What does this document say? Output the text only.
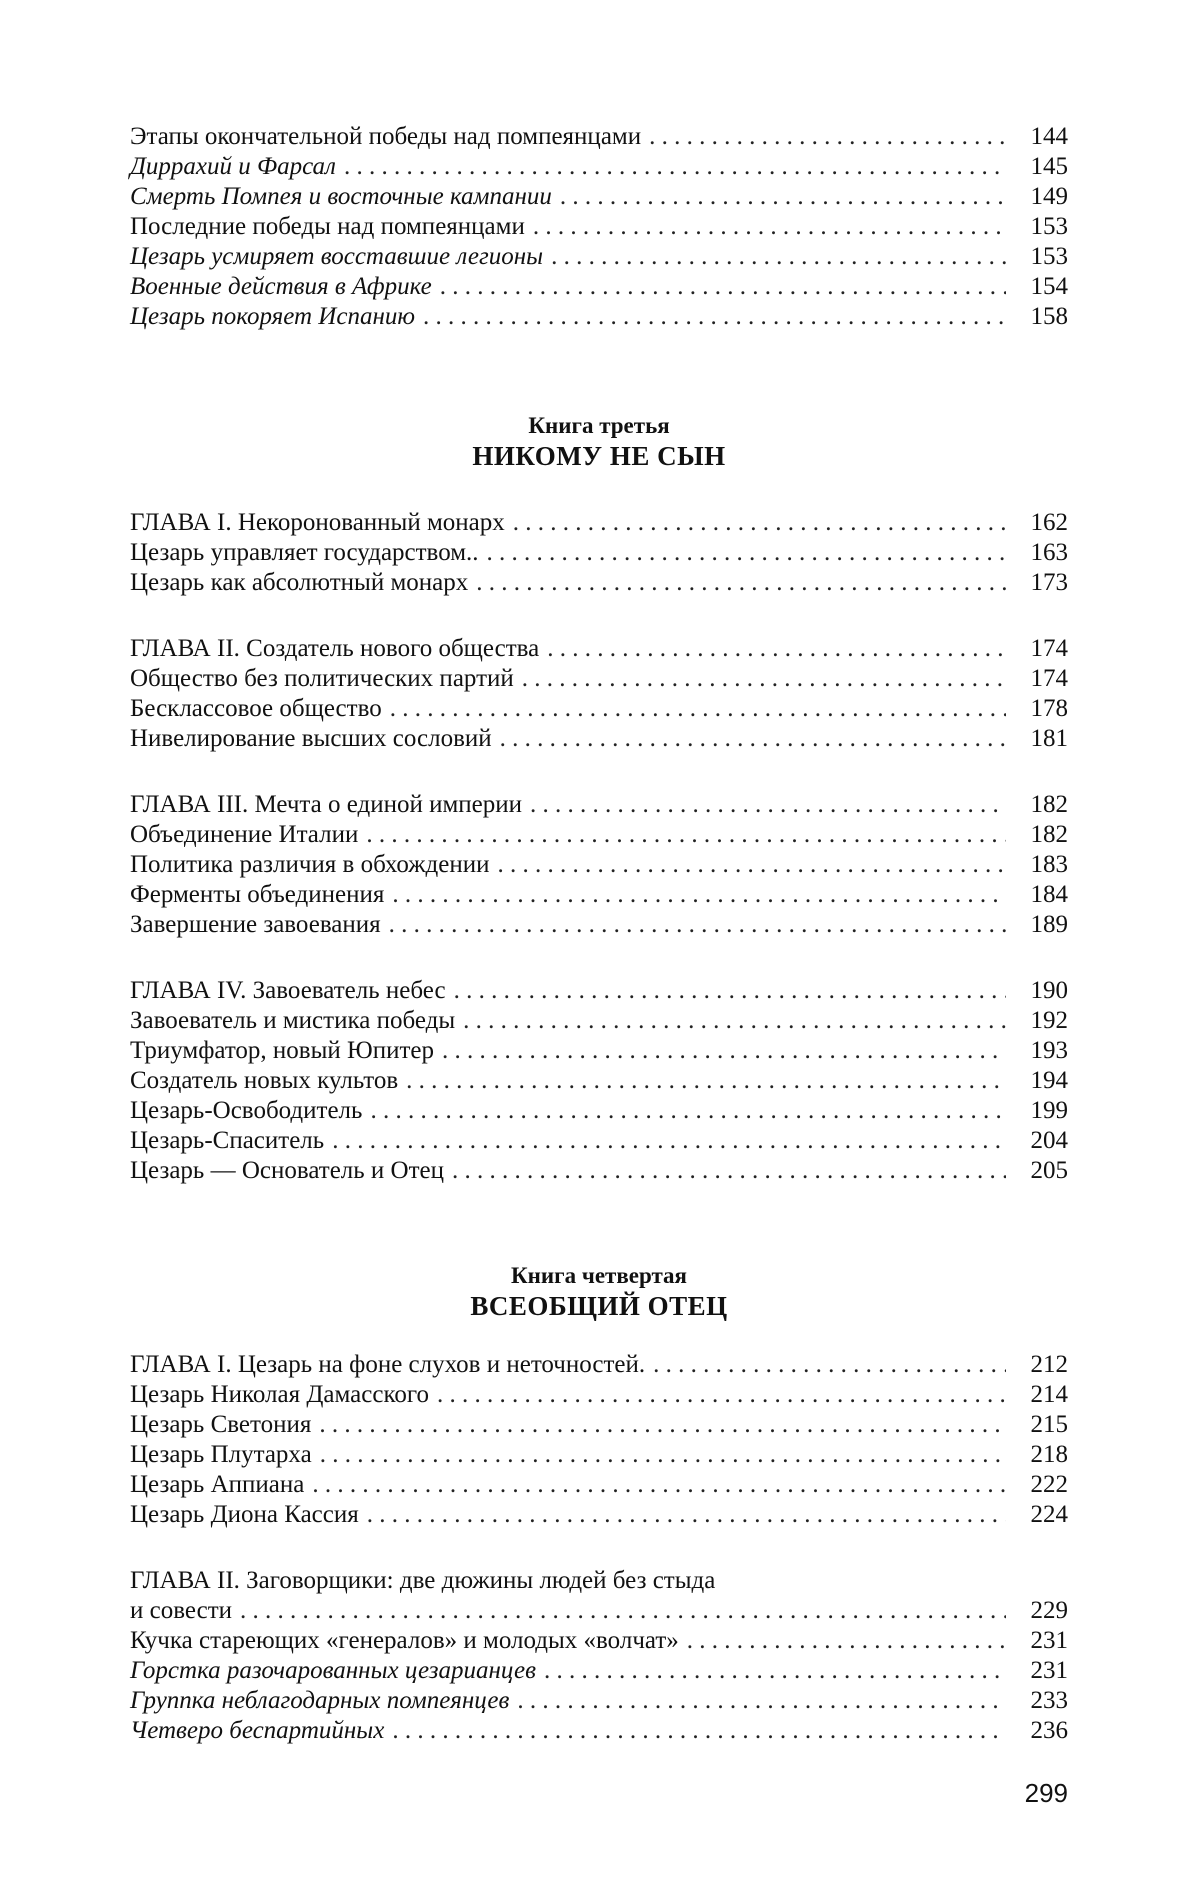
Этапы окончательной победы над помпеянцами
. . .	144
Диррахий и Фарсал
. . .	145
Смерть Помпея и восточные кампании
. . .	149
Последние победы над помпеянцами
. . .	153
Цезарь усмиряет восставшие легионы
. . .	153
Военные действия в Африке
. . .	154
Цезарь покоряет Испанию
. . .	158
Книга третья
НИКОМУ НЕ СЫН
ГЛАВА I. Некоронованный монарх
. . .	162
Цезарь управляет государством..
. . .	163
Цезарь как абсолютный монарх
. . .	173
ГЛАВА II. Создатель нового общества
. . .	174
Общество без политических партий
. . .	174
Бесклассовое общество
. . .	178
Нивелирование высших сословий
. . .	181
ГЛАВА III. Мечта о единой империи
. . .	182
Объединение Италии
. . .	182
Политика различия в обхождении
. . .	183
Ферменты объединения
. . .	184
Завершение завоевания
. . .	189
ГЛАВА IV. Завоеватель небес
. . .	190
Завоеватель и мистика победы
. . .	192
Триумфатор, новый Юпитер
. . .	193
Создатель новых культов
. . .	194
Цезарь-Освободитель
. . .	199
Цезарь-Спаситель
. . .	204
Цезарь — Основатель и Отец
. . .	205
Книга четвертая
ВСЕОБЩИЙ ОТЕЦ
ГЛАВА I. Цезарь на фоне слухов и неточностей.
. . .	212
Цезарь Николая Дамасского
. . .	214
Цезарь Светония
. . .	215
Цезарь Плутарха
. . .	218
Цезарь Аппиана
. . .	222
Цезарь Диона Кассия
. . .	224
ГЛАВА II. Заговорщики: две дюжины людей без стыда
и совести
. . .	229
Кучка стареющих «генералов» и молодых «волчат»
. . .	231
Горстка разочарованных цезарианцев
. . .	231
Группка неблагодарных помпеянцев
. . .	233
Четверо беспартийных
. . .	236
299
